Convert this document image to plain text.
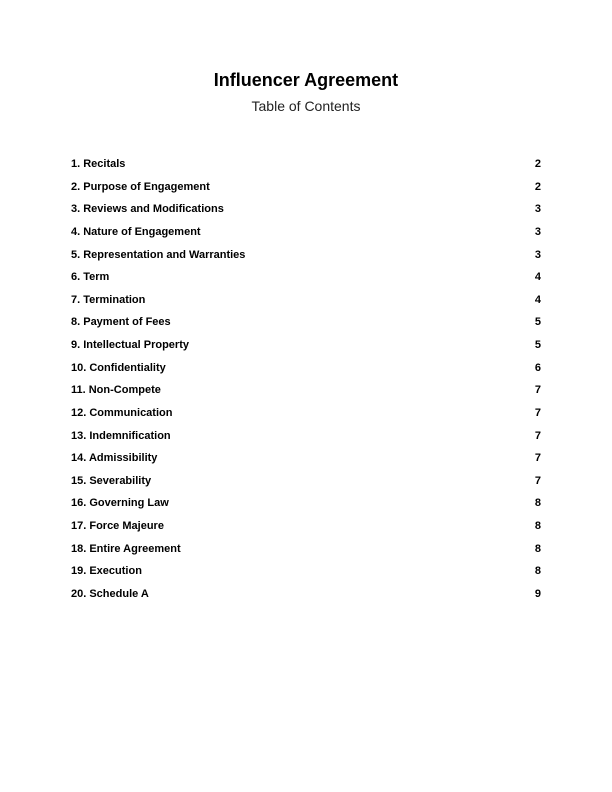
Influencer Agreement
Table of Contents
1. Recitals	2
2. Purpose of Engagement	2
3. Reviews and Modifications	3
4. Nature of Engagement	3
5. Representation and Warranties	3
6. Term	4
7. Termination	4
8. Payment of Fees	5
9. Intellectual Property	5
10. Confidentiality	6
11. Non-Compete	7
12. Communication	7
13. Indemnification	7
14. Admissibility	7
15. Severability	7
16. Governing Law	8
17. Force Majeure	8
18. Entire Agreement	8
19. Execution	8
20. Schedule A	9
